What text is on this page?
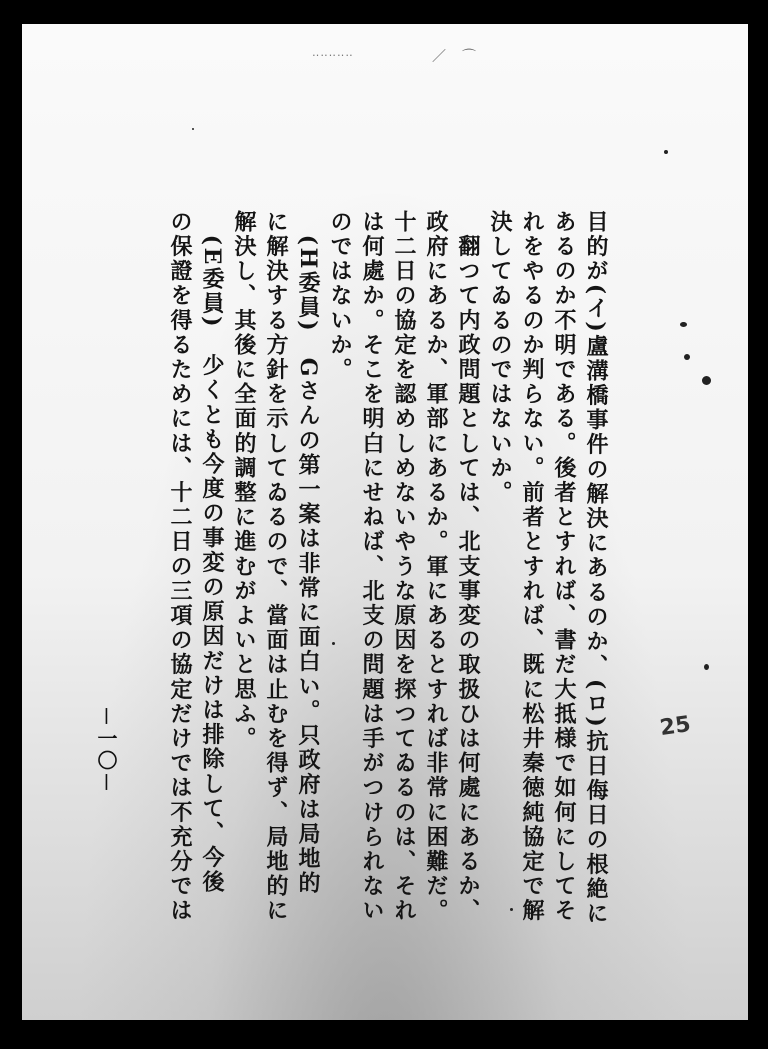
‥‥‥‥‥	／　⌒
目的が(イ)盧溝橋事件の解決にあるのか、(ロ)抗日侮日の根絶に
あるのか不明である。後者とすれば、書だ大抵様で如何にしてそ
れをやるのか判らない。前者とすれば、既に松井秦徳純協定で解
決してゐるのではないか。
　翻つて内政問題としては、北支事変の取扱ひは何處にあるか、
政府にあるか、軍部にあるか。軍にあるとすれば非常に困難だ。
十二日の協定を認めしめないやうな原因を探つてゐるのは、それ
は何處か。そこを明白にせねば、北支の問題は手がつけられない
のではないか。
　(H委員)　Gさんの第一案は非常に面白い。只政府は局地的
に解決する方針を示してゐるので、當面は止むを得ず、局地的に
解決し、其後に全面的調整に進むがよいと思ふ。
　(E委員)　少くとも今度の事変の原因だけは排除して、今後
の保證を得るためには、十二日の三項の協定だけでは不充分では
－一〇－	25
